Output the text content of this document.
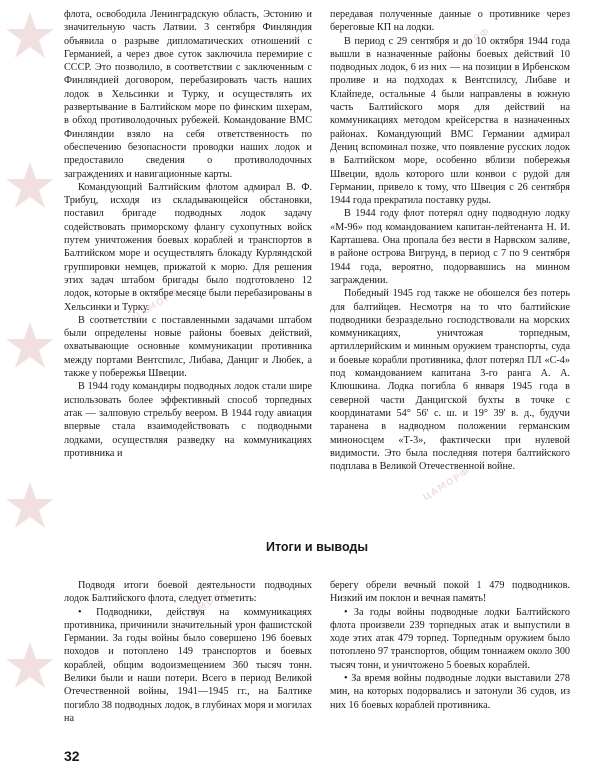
ЦАМОРФ
ЦАМОРФ
ЦАМОРФ
ЦАМОРФ

флота, освободила Ленинградскую область, Эстонию и значительную часть Латвии. 3 сентября Финляндия объявила о разрыве дипломатических отношений с Германией, а через двое суток заключила перемирие с СССР. Это позволило, в соответствии с заключенным с Финляндией договором, перебазировать часть наших лодок в Хельсинки и Турку, и осуществлять их развертывание в Балтийском море по финским шхерам, в обход противолодочных рубежей. Командование ВМС Финляндии взяло на себя ответственность по обеспечению безопасности проводки наших лодок и предоставило сведения о противолодочных заграждениях и навигационные карты.

Командующий Балтийским флотом адмирал В. Ф. Трибуц, исходя из складывающейся обстановки, поставил бригаде подводных лодок задачу содействовать приморскому флангу сухопутных войск путем уничтожения боевых кораблей и транспортов в Балтийском море и осуществлять блокаду Курляндской группировки немцев, прижатой к морю. Для решения этих задач штабом бригады было подготовлено 12 лодок, которые в октябре месяце были перебазированы в Хельсинки и Турку.

В соответствии с поставленными задачами штабом были определены новые районы боевых действий, охватывающие основные коммуникации противника между портами Вентспилс, Либава, Данциг и Любек, а также у побережья Швеции.

В 1944 году командиры подводных лодок стали шире использовать более эффективный способ торпедных атак — залповую стрельбу веером. В 1944 году авиация впервые стала взаимодействовать с подводными лодками, осуществляя разведку на коммуникациях противника и

передавая полученные данные о противнике через береговые КП на лодки.

В период с 29 сентября и до 10 октября 1944 года вышли в назначенные районы боевых действий 10 подводных лодок, 6 из них — на позиции в Ирбенском проливе и на подходах к Вентспилсу, Либаве и Клайпеде, остальные 4 были направлены в южную часть Балтийского моря для действий на коммуникациях методом крейсерства в назначенных районах. Командующий ВМС Германии адмирал Дениц вспоминал позже, что появление русских лодок в Балтийском море, особенно вблизи побережья Швеции, вдоль которого шли конвои с рудой для Германии, привело к тому, что Швеция с 26 сентября 1944 года прекратила поставку руды.

В 1944 году флот потерял одну подводную лодку «М-96» под командованием капитан-лейтенанта Н. И. Карташева. Она пропала без вести в Нарвском заливе, в районе острова Вигрунд, в период с 7 по 9 сентября 1944 года, вероятно, подорвавшись на минном заграждении.

Победный 1945 год также не обошелся без потерь для балтийцев. Несмотря на то что балтийские подводники безраздельно господствовали на морских коммуникациях, уничтожая торпедным, артиллерийским и минным оружием транспорты, суда и боевые корабли противника, флот потерял ПЛ «С-4» под командованием капитана 3-го ранга А. А. Клюшкина. Лодка погибла 6 января 1945 года в северной части Данцигской бухты в точке с координатами 54° 56' с. ш. и 19° 39' в. д., будучи таранена в надводном положении германским миноносцем «Т-3», фактически при нулевой видимости. Это была последняя потеря балтийского подплава в Великой Отечественной войне.

Итоги и выводы

Подводя итоги боевой деятельности подводных лодок Балтийского флота, следует отметить:

• Подводники, действуя на коммуникациях противника, причинили значительный урон фашистской Германии. За годы войны было совершено 196 боевых походов и потоплено 149 транспортов и боевых кораблей, общим водоизмещением 360 тысяч тонн. Велики были и наши потери. Всего в период Великой Отечественной войны, 1941—1945 гг., на Балтике погибло 38 подводных лодок, в глубинах моря и могилах на

берегу обрели вечный покой 1 479 подводников. Низкий им поклон и вечная память!

• За годы войны подводные лодки Балтийского флота произвели 239 торпедных атак и выпустили в ходе этих атак 479 торпед. Торпедным оружием было потоплено 97 транспортов, общим тоннажем около 300 тысяч тонн, и уничтожено 5 боевых кораблей.

• За время войны подводные лодки выставили 278 мин, на которых подорвались и затонули 36 судов, из них 16 боевых кораблей противника.

32
